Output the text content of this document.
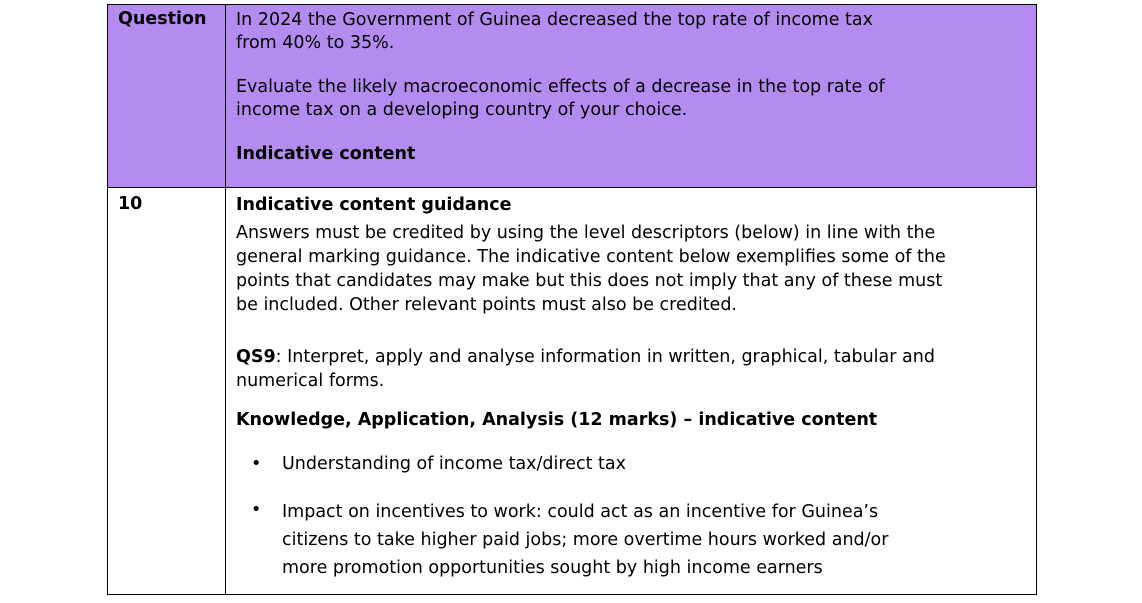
Question	In 2024 the Government of Guinea decreased the top rate of income tax

from 40% to 35%.

Evaluate the likely macroeconomic effects of a decrease in the top rate of

income tax on a developing country of your choice.

Indicative content

10	Indicative content guidance

Answers must be credited by using the level descriptors (below) in line with the

general marking guidance. The indicative content below exemplifies some of the

points that candidates may make but this does not imply that any of these must

be included. Other relevant points must also be credited.

QS9: Interpret, apply and analyse information in written, graphical, tabular and

numerical forms.

Knowledge, Application, Analysis (12 marks) – indicative content

• Understanding of income tax/direct tax
• Impact on incentives to work: could act as an incentive for Guinea’s
citizens to take higher paid jobs; more overtime hours worked and/or
more promotion opportunities sought by high income earners
